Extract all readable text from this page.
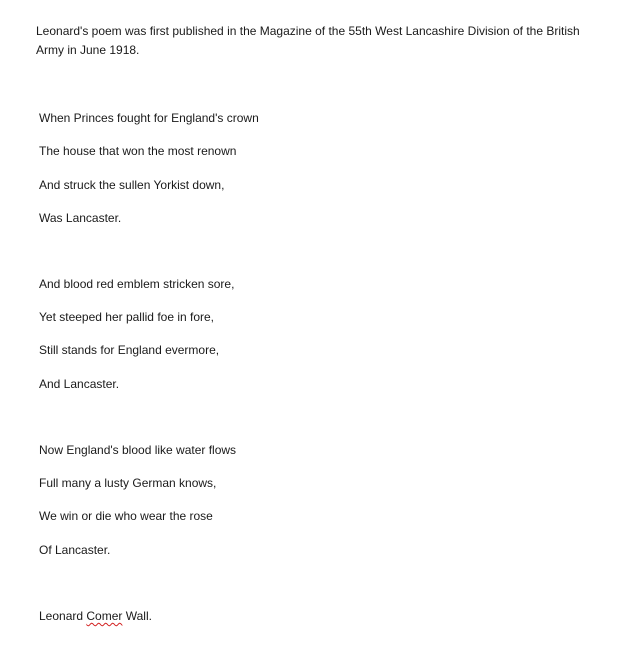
Leonard's poem was first published in the Magazine of the 55th West Lancashire Division of the British Army in June 1918.

When Princes fought for England's crown

The house that won the most renown

And struck the sullen Yorkist down,

Was Lancaster.

And blood red emblem stricken sore,

Yet steeped her pallid foe in fore,

Still stands for England evermore,

And Lancaster.

Now England's blood like water flows

Full many a lusty German knows,

We win or die who wear the rose

Of Lancaster.

Leonard Comer Wall.
